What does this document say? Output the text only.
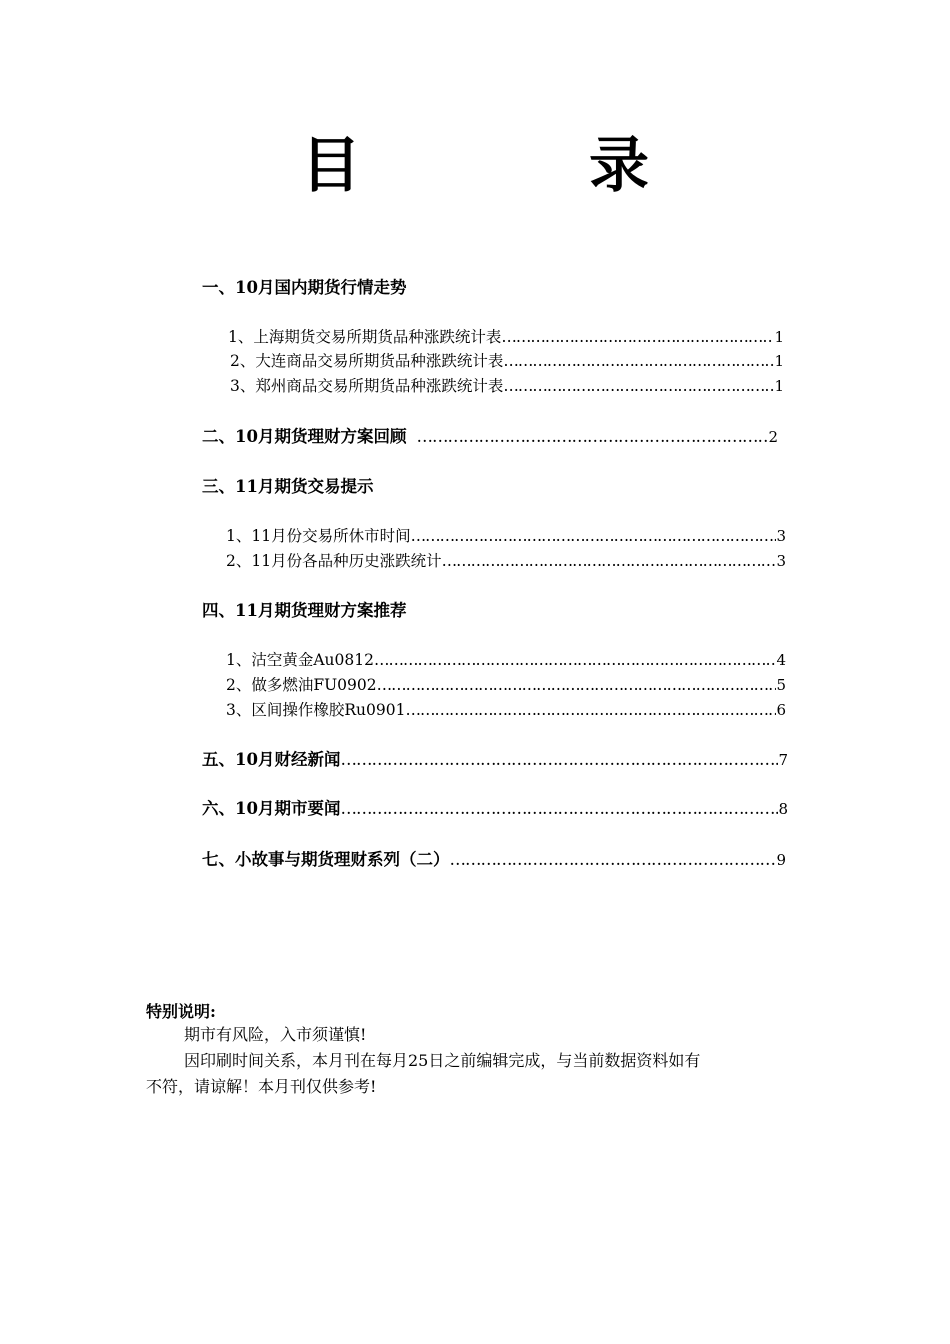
目　录
一、10月国内期货行情走势
1、上海期货交易所期货品种涨跌统计表 ……………………………………………………………………………………………………………………………………………………	1
2、大连商品交易所期货品种涨跌统计表 ……………………………………………………………………………………………………………………………………………………	1
3、郑州商品交易所期货品种涨跌统计表 ……………………………………………………………………………………………………………………………………………………	1
二、10月期货理财方案回顾 ……………………………………………………………………………………………………………………………………………………	2
三、11月期货交易提示
1、11月份交易所休市时间 ……………………………………………………………………………………………………………………………………………………	3
2、11月份各品种历史涨跌统计 ……………………………………………………………………………………………………………………………………………………	3
四、11月期货理财方案推荐
1、沽空黄金Au0812 ……………………………………………………………………………………………………………………………………………………	4
2、做多燃油FU0902 ……………………………………………………………………………………………………………………………………………………	5
3、区间操作橡胶Ru0901 ……………………………………………………………………………………………………………………………………………………	6
五、10月财经新闻 ……………………………………………………………………………………………………………………………………………………	7
六、10月期市要闻 ……………………………………………………………………………………………………………………………………………………	8
七、小故事与期货理财系列（二） ……………………………………………………………………………………………………………………………………………………	9
特别说明:
期市有风险，入市须谨慎!
因印刷时间关系，本月刊在每月25日之前编辑完成，与当前数据资料如有
不符，请谅解！本月刊仅供参考!
